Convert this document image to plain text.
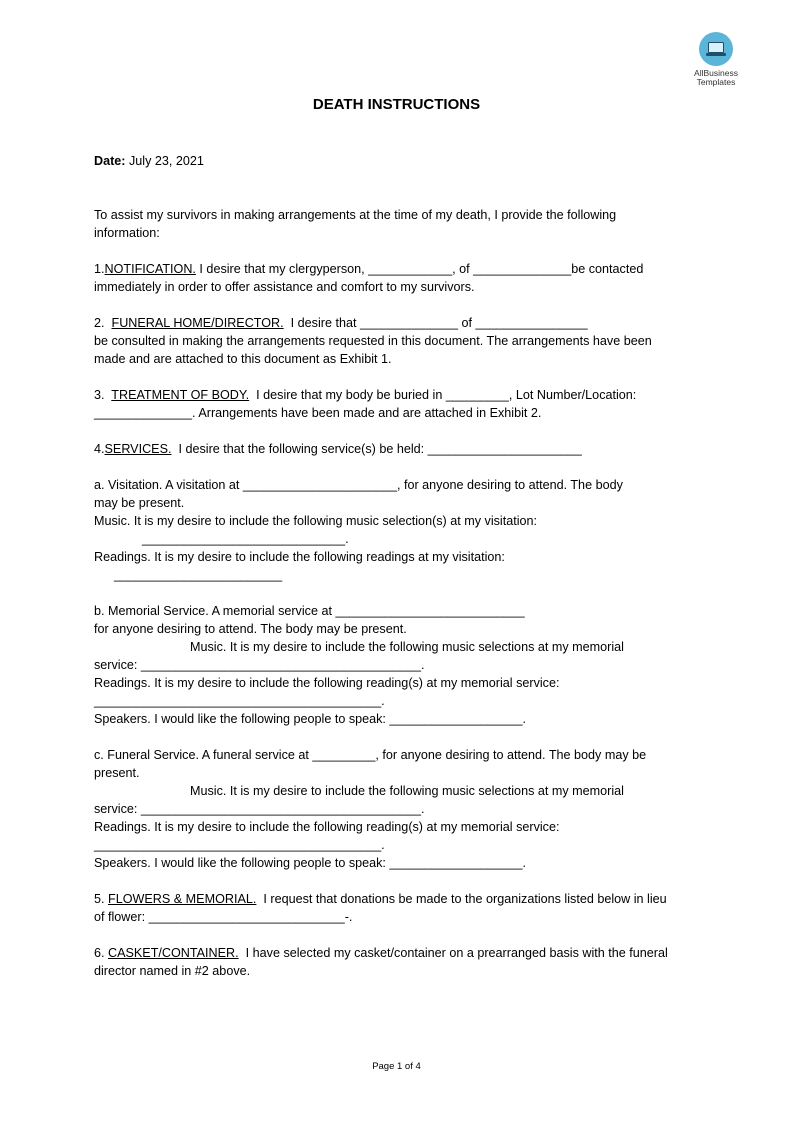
AllBusiness
Templates
DEATH INSTRUCTIONS

Date: July 23, 2021

To assist my survivors in making arrangements at the time of my death, I provide the following

information:

1.NOTIFICATION. I desire that my clergyperson, ____________, of ______________be contacted

immediately in order to offer assistance and comfort to my survivors.

2.  FUNERAL HOME/DIRECTOR.  I desire that ______________ of ________________

be consulted in making the arrangements requested in this document. The arrangements have been

made and are attached to this document as Exhibit 1.

3.  TREATMENT OF BODY.  I desire that my body be buried in _________, Lot Number/Location:

______________. Arrangements have been made and are attached in Exhibit 2.

4.SERVICES.  I desire that the following service(s) be held: ______________________

a. Visitation. A visitation at ______________________, for anyone desiring to attend. The body

may be present.

Music. It is my desire to include the following music selection(s) at my visitation:

_____________________________.

Readings. It is my desire to include the following readings at my visitation:

________________________

b. Memorial Service. A memorial service at ___________________________

for anyone desiring to attend. The body may be present.

Music. It is my desire to include the following music selections at my memorial

service: ________________________________________.

Readings. It is my desire to include the following reading(s) at my memorial service:

_________________________________________.

Speakers. I would like the following people to speak: ___________________.

c. Funeral Service. A funeral service at _________, for anyone desiring to attend. The body may be

present.

Music. It is my desire to include the following music selections at my memorial

service: ________________________________________.

Readings. It is my desire to include the following reading(s) at my memorial service:

_________________________________________.

Speakers. I would like the following people to speak: ___________________.

5. FLOWERS & MEMORIAL.  I request that donations be made to the organizations listed below in lieu

of flower: ____________________________-.

6. CASKET/CONTAINER.  I have selected my casket/container on a prearranged basis with the funeral

director named in #2 above.

Page 1 of 4
